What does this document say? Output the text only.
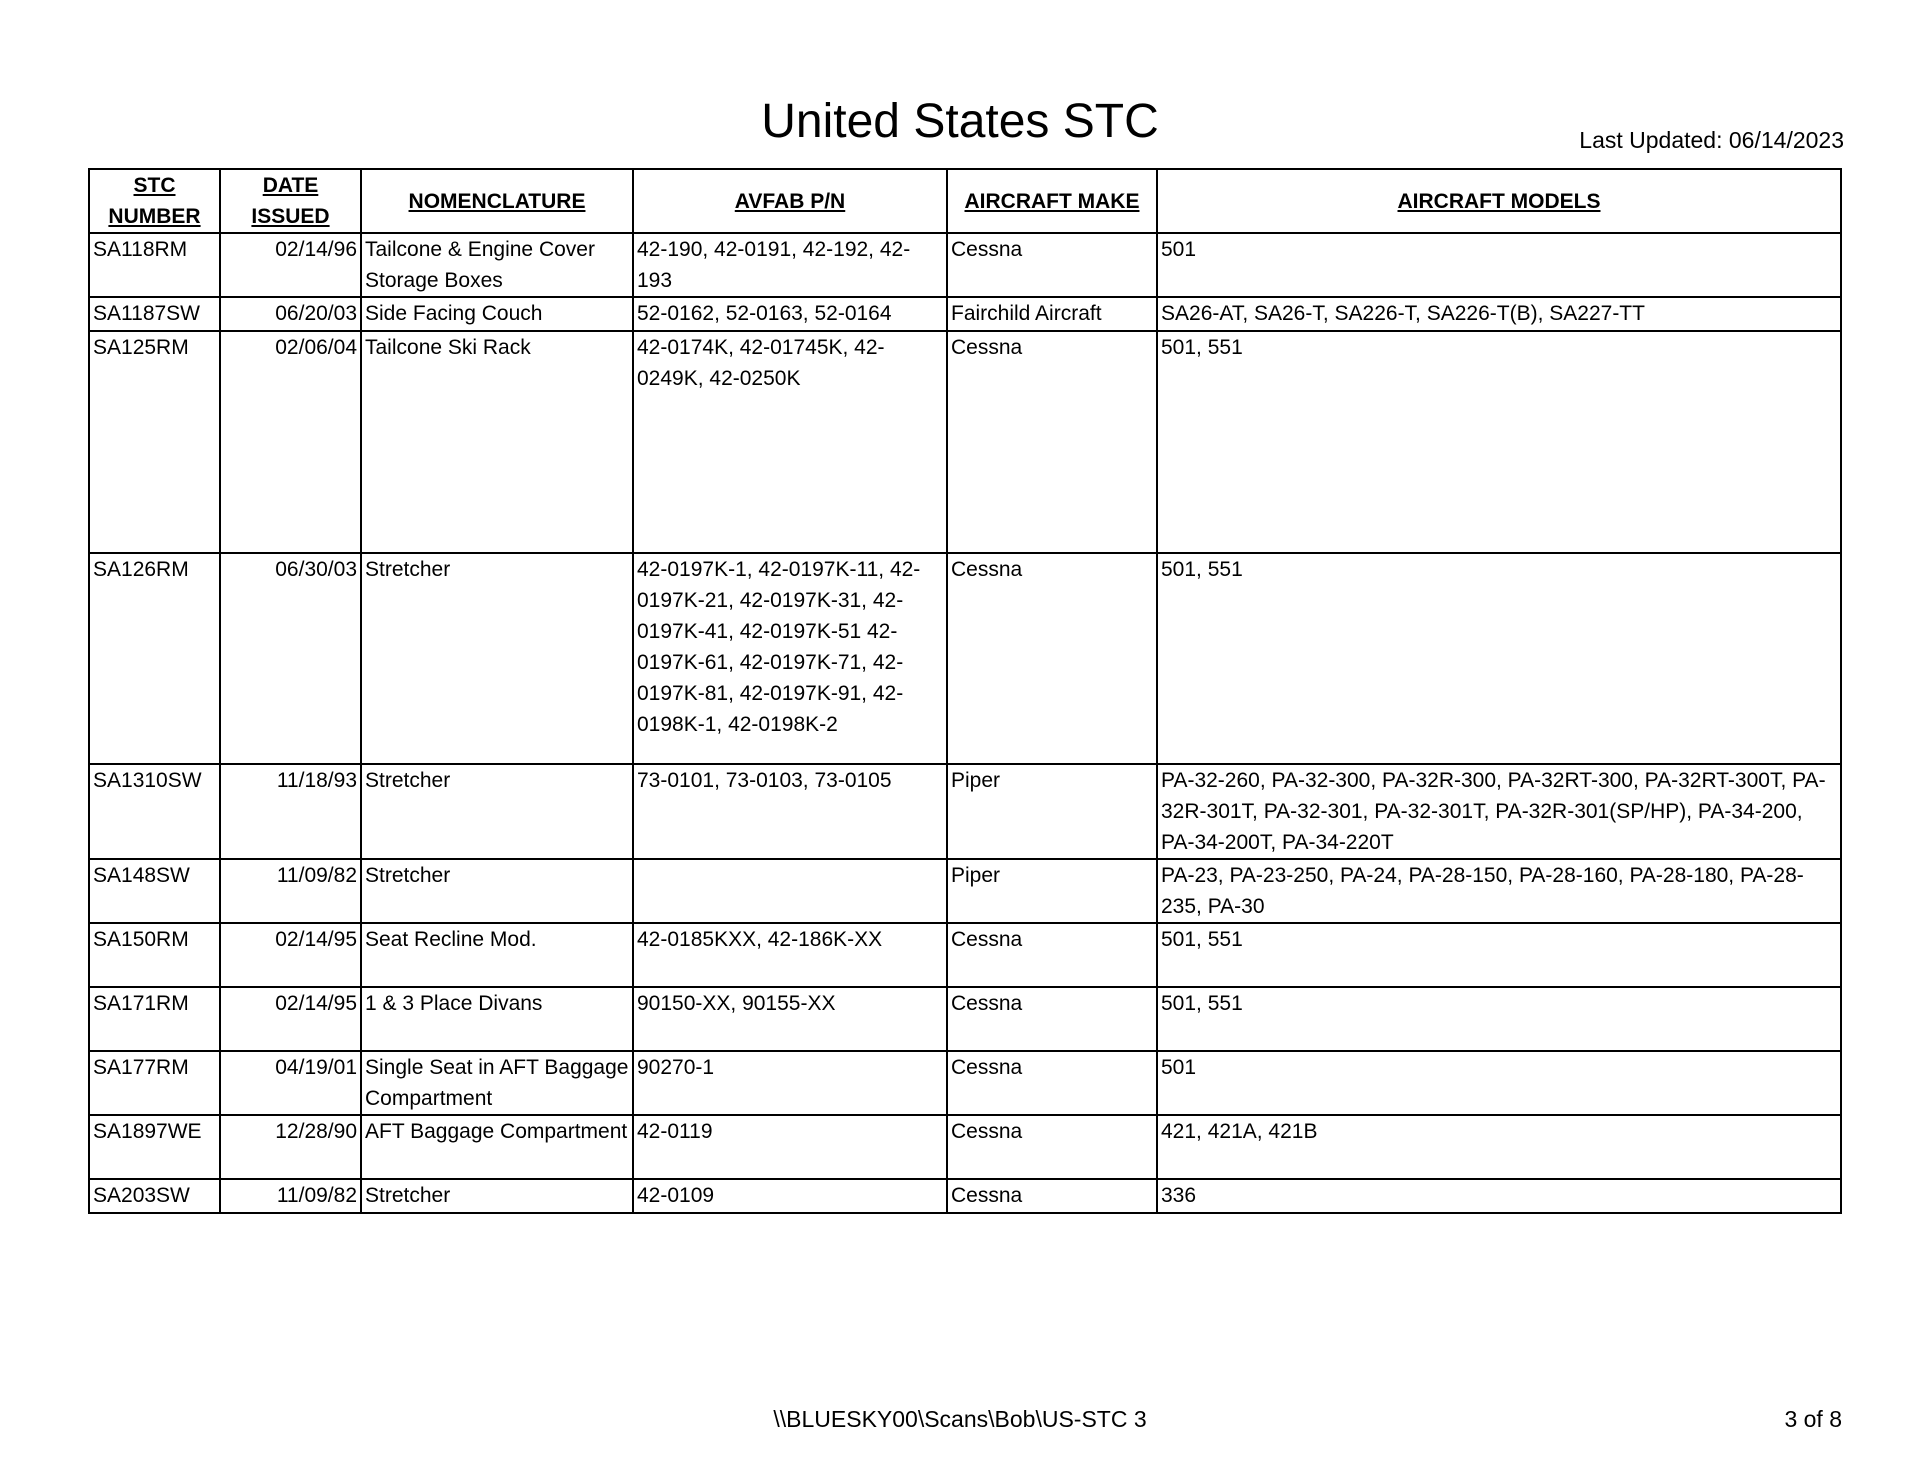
United States STC	Last Updated: 06/14/2023
STC NUMBER	DATE ISSUED	NOMENCLATURE	AVFAB P/N	AIRCRAFT MAKE	AIRCRAFT MODELS
SA118RM	02/14/96	Tailcone & Engine Cover Storage Boxes	42-190, 42-0191, 42-192, 42-193	Cessna	501
SA1187SW	06/20/03	Side Facing Couch	52-0162, 52-0163, 52-0164	Fairchild Aircraft	SA26-AT, SA26-T, SA226-T, SA226-T(B), SA227-TT
SA125RM	02/06/04	Tailcone Ski Rack	42-0174K, 42-01745K, 42-0249K, 42-0250K	Cessna	501, 551
SA126RM	06/30/03	Stretcher	42-0197K-1, 42-0197K-11, 42-0197K-21, 42-0197K-31, 42-0197K-41, 42-0197K-51 42-0197K-61, 42-0197K-71, 42-0197K-81, 42-0197K-91, 42-0198K-1, 42-0198K-2	Cessna	501, 551
SA1310SW	11/18/93	Stretcher	73-0101, 73-0103, 73-0105	Piper	PA-32-260, PA-32-300, PA-32R-300, PA-32RT-300, PA-32RT-300T, PA-32R-301T, PA-32-301, PA-32-301T, PA-32R-301(SP/HP), PA-34-200, PA-34-200T, PA-34-220T
SA148SW	11/09/82	Stretcher		Piper	PA-23, PA-23-250, PA-24, PA-28-150, PA-28-160, PA-28-180, PA-28-235, PA-30
SA150RM	02/14/95	Seat Recline Mod.	42-0185KXX, 42-186K-XX	Cessna	501, 551
SA171RM	02/14/95	1 & 3 Place Divans	90150-XX, 90155-XX	Cessna	501, 551
SA177RM	04/19/01	Single Seat in AFT Baggage Compartment	90270-1	Cessna	501
SA1897WE	12/28/90	AFT Baggage Compartment	42-0119	Cessna	421, 421A, 421B
SA203SW	11/09/82	Stretcher	42-0109	Cessna	336
\\BLUESKY00\Scans\Bob\US-STC 3	3 of 8
